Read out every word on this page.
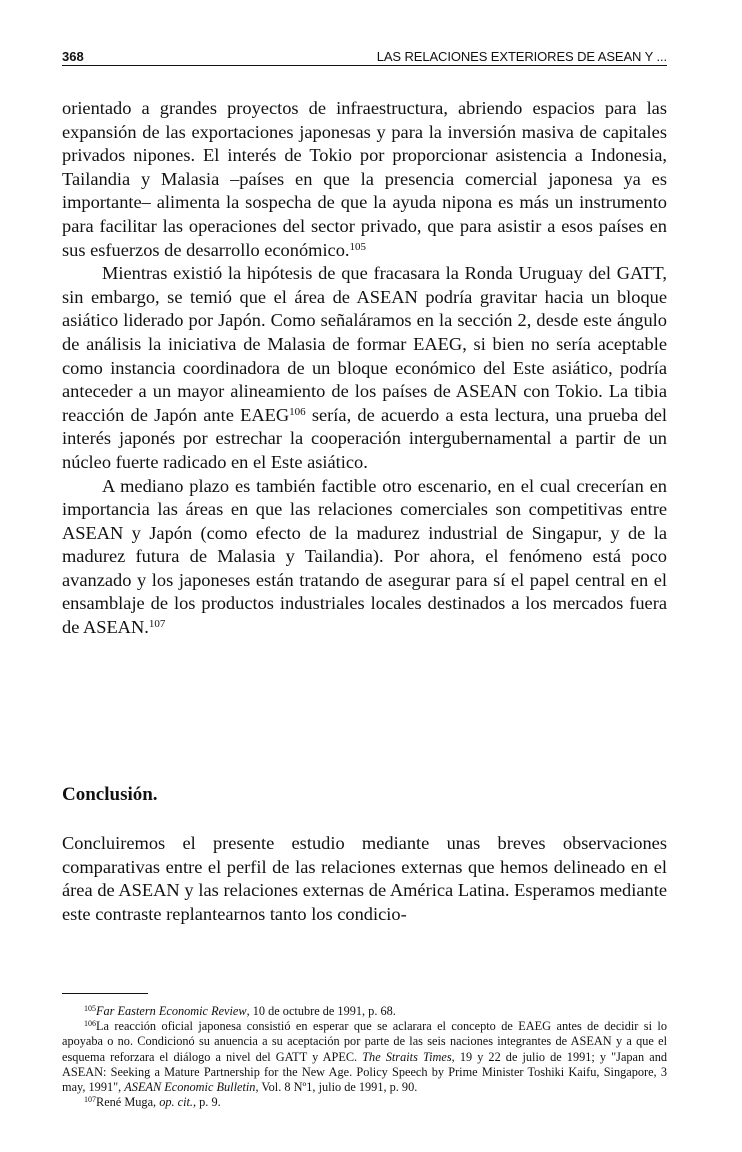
368	LAS RELACIONES EXTERIORES DE ASEAN Y ...

orientado a grandes proyectos de infraestructura, abriendo espacios para las expansión de las exportaciones japonesas y para la inversión masiva de capitales privados nipones. El interés de Tokio por proporcionar asistencia a Indonesia, Tailandia y Malasia –países en que la presencia comercial japonesa ya es importante– alimenta la sospecha de que la ayuda nipona es más un instrumento para facilitar las operaciones del sector privado, que para asistir a esos países en sus esfuerzos de desarrollo económico.$^{105}$

Mientras existió la hipótesis de que fracasara la Ronda Uruguay del GATT, sin embargo, se temió que el área de ASEAN podría gravitar hacia un bloque asiático liderado por Japón. Como señaláramos en la sección 2, desde este ángulo de análisis la iniciativa de Malasia de formar EAEG, si bien no sería aceptable como instancia coordinadora de un bloque económico del Este asiático, podría anteceder a un mayor alineamiento de los países de ASEAN con Tokio. La tibia reacción de Japón ante EAEG$^{106}$ sería, de acuerdo a esta lectura, una prueba del interés japonés por estrechar la cooperación intergubernamental a partir de un núcleo fuerte radicado en el Este asiático.

A mediano plazo es también factible otro escenario, en el cual crecerían en importancia las áreas en que las relaciones comerciales son competitivas entre ASEAN y Japón (como efecto de la madurez industrial de Singapur, y de la madurez futura de Malasia y Tailandia). Por ahora, el fenómeno está poco avanzado y los japoneses están tratando de asegurar para sí el papel central en el ensamblaje de los productos industriales locales destinados a los mercados fuera de ASEAN.$^{107}$

Conclusión.

Concluiremos el presente estudio mediante unas breves observaciones comparativas entre el perfil de las relaciones externas que hemos delineado en el área de ASEAN y las relaciones externas de América Latina. Esperamos mediante este contraste replantearnos tanto los condicio-

$^{105}$Far Eastern Economic Review, 10 de octubre de 1991, p. 68.

$^{106}$La reacción oficial japonesa consistió en esperar que se aclarara el concepto de EAEG antes de decidir si lo apoyaba o no. Condicionó su anuencia a su aceptación por parte de las seis naciones integrantes de ASEAN y a que el esquema reforzara el diálogo a nivel del GATT y APEC. The Straits Times, 19 y 22 de julio de 1991; y "Japan and ASEAN: Seeking a Mature Partnership for the New Age. Policy Speech by Prime Minister Toshiki Kaifu, Singapore, 3 may, 1991", ASEAN Economic Bulletin, Vol. 8 Nº1, julio de 1991, p. 90.

$^{107}$René Muga, op. cit., p. 9.
